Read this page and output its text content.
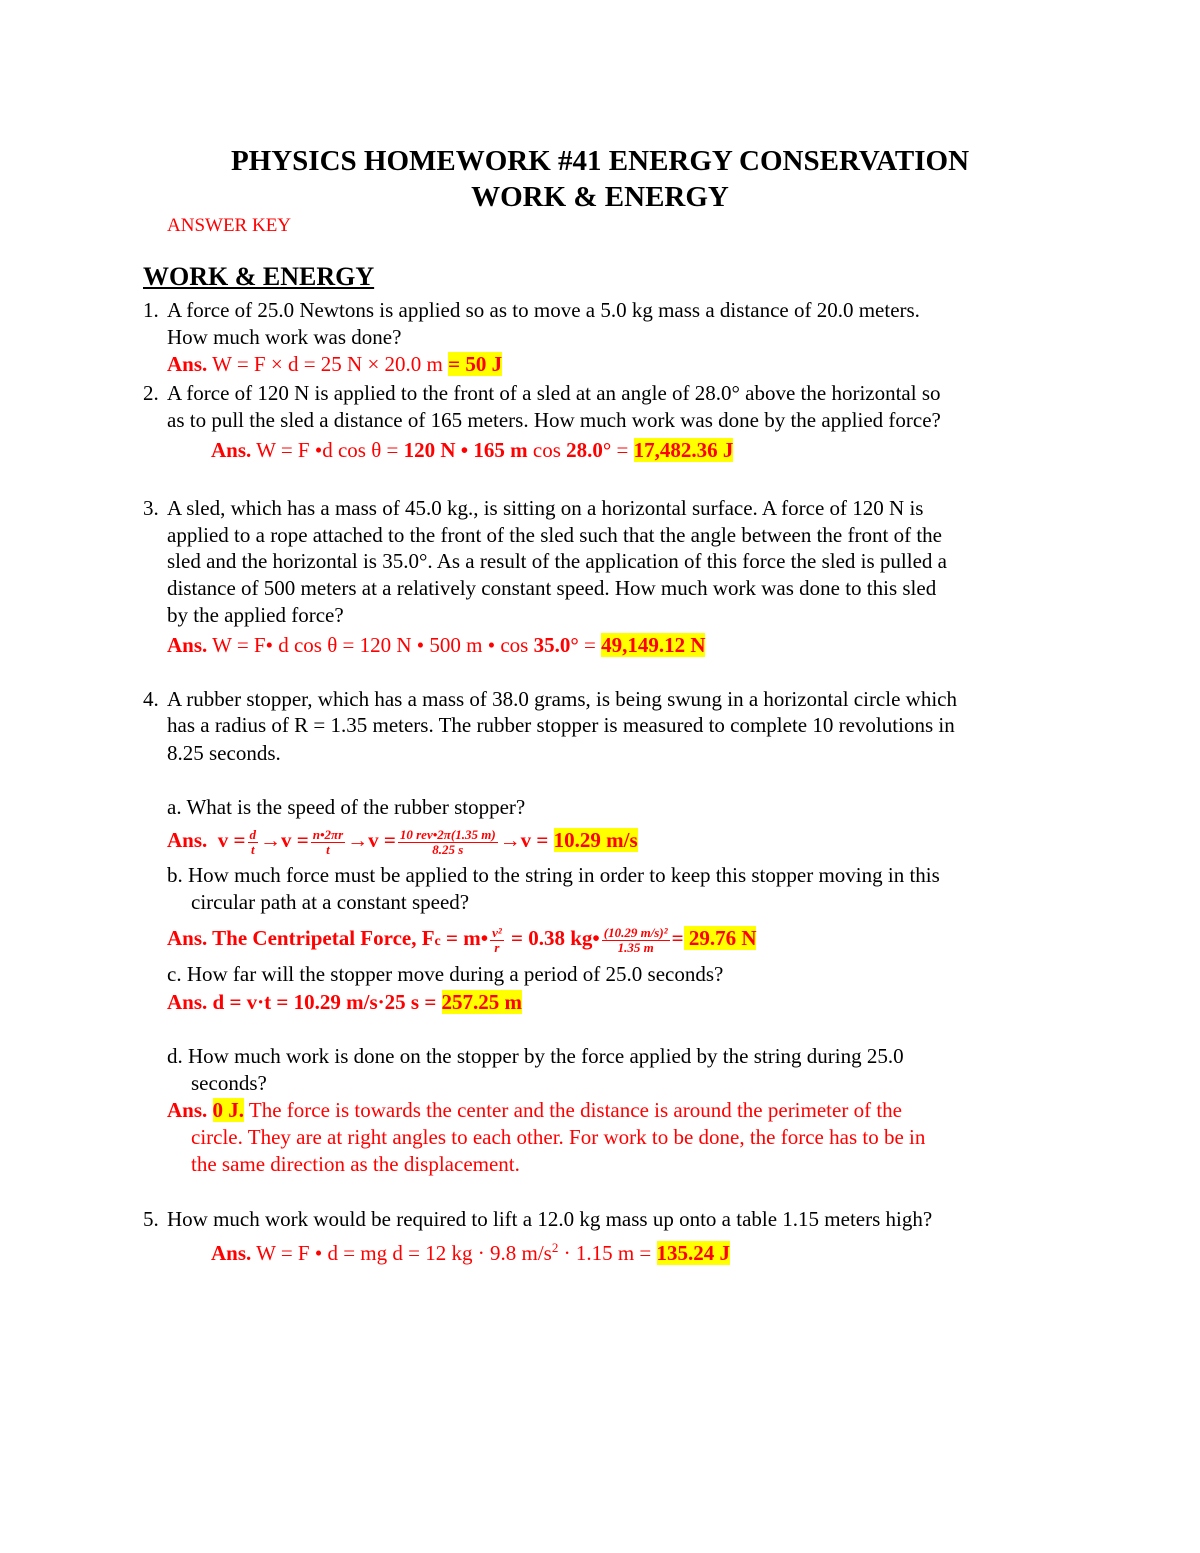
PHYSICS HOMEWORK #41 ENERGY CONSERVATION
WORK & ENERGY
ANSWER KEY
WORK & ENERGY
1. A force of 25.0 Newtons is applied so as to move a 5.0 kg mass a distance of 20.0 meters.
How much work was done?
Ans. W = F × d = 25 N × 20.0 m = 50 J
2. A force of 120 N is applied to the front of a sled at an angle of 28.0° above the horizontal so
as to pull the sled a distance of 165 meters. How much work was done by the applied force?
Ans. W = F •d cos θ = 120 N • 165 m cos 28.0° = 17,482.36 J
3. A sled, which has a mass of 45.0 kg., is sitting on a horizontal surface. A force of 120 N is
applied to a rope attached to the front of the sled such that the angle between the front of the
sled and the horizontal is 35.0°. As a result of the application of this force the sled is pulled a
distance of 500 meters at a relatively constant speed. How much work was done to this sled
by the applied force?
Ans. W = F• d cos θ = 120 N • 500 m • cos 35.0° = 49,149.12 N
4. A rubber stopper, which has a mass of 38.0 grams, is being swung in a horizontal circle which
has a radius of R = 1.35 meters. The rubber stopper is measured to complete 10 revolutions in
8.25 seconds.
a. What is the speed of the rubber stopper?
Ans. $v = \frac{d}{t} \to v = \frac{n•2\pi r}{t} \to v = \frac{\text{10 rev•2π(1.35 m)}}{8.25 s} \to v = 10.29$ m/s
b. How much force must be applied to the string in order to keep this stopper moving in this
circular path at a constant speed?
Ans. The Centripetal Force, Fc = m• $\frac{\text{v²}}{r} = 0.38$ kg• $\frac{\text{(10.29 m/s)²}}{1.35 m} = 29.76$ N
c. How far will the stopper move during a period of 25.0 seconds?
Ans. d = v·t = 10.29 m/s·25 s = 257.25 m
d. How much work is done on the stopper by the force applied by the string during 25.0
seconds?
Ans. 0 J. The force is towards the center and the distance is around the perimeter of the
circle. They are at right angles to each other. For work to be done, the force has to be in
the same direction as the displacement.
5. How much work would be required to lift a 12.0 kg mass up onto a table 1.15 meters high?
Ans. W = F • d = mg d = 12 kg · 9.8 $m/s^2 \cdot 1.15$ m = 135.24 J
